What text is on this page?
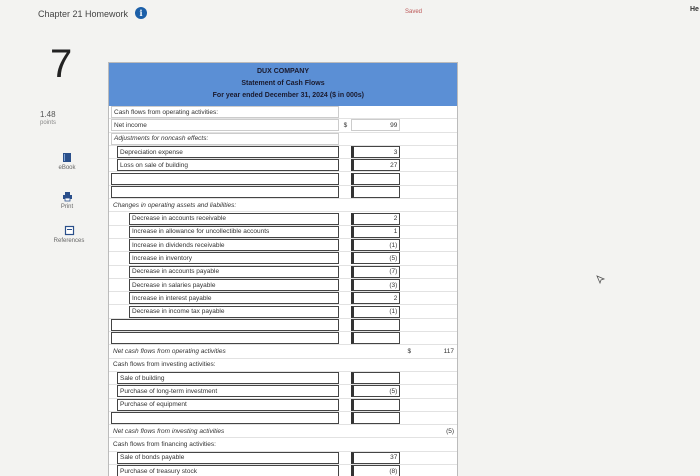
Chapter 21 Homework	i	Saved	He
7
1.48
points
eBook
Print
References
DUX COMPANY
Statement of Cash Flows
For year ended December 31, 2024 ($ in 000s)
Cash flows from operating activities:
Net income	$	99
Adjustments for noncash effects:
Depreciation expense	3
Loss on sale of building	27
Changes in operating assets and liabilities:
Decrease in accounts receivable	2
Increase in allowance for uncollectible accounts	1
Increase in dividends receivable	(1)
Increase in inventory	(5)
Decrease in accounts payable	(7)
Decrease in salaries payable	(3)
Increase in interest payable	2
Decrease in income tax payable	(1)
Net cash flows from operating activities	$	117
Cash flows from investing activities:
Sale of building
Purchase of long-term investment	(5)
Purchase of equipment
Net cash flows from investing activities	(5)
Cash flows from financing activities:
Sale of bonds payable	37
Purchase of treasury stock	(8)
